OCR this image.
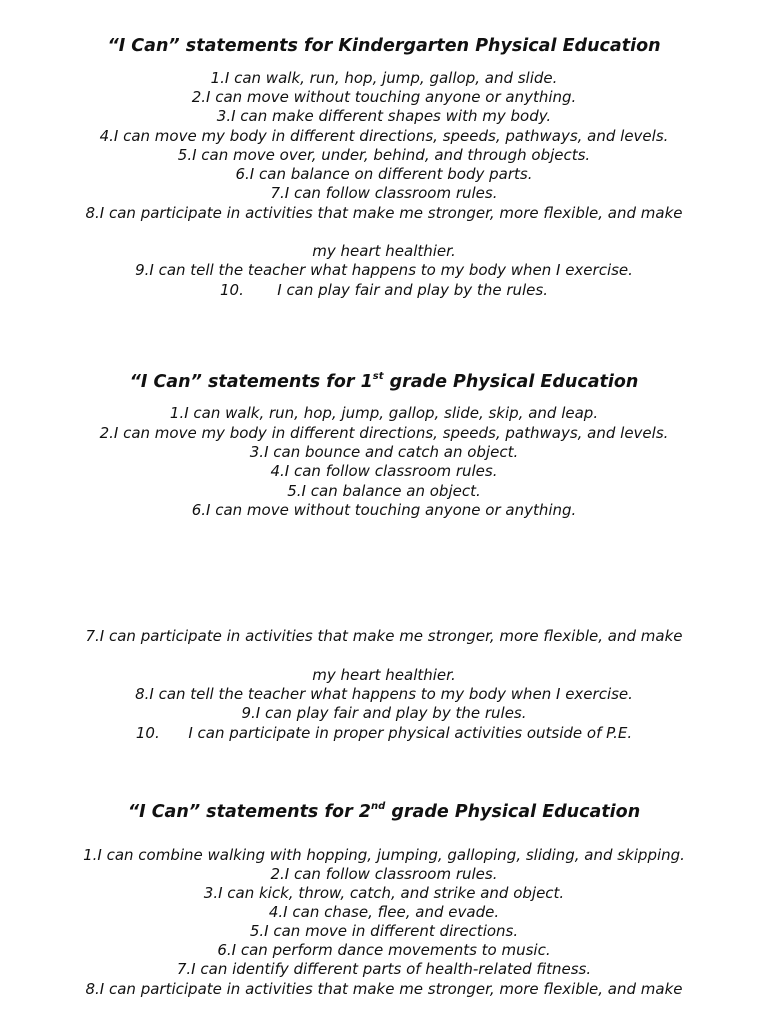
“I Can” statements for Kindergarten Physical Education
1.I can walk, run, hop, jump, gallop, and slide.
2.I can move without touching anyone or anything.
3.I can make different shapes with my body.
4.I can move my body in different directions, speeds, pathways, and levels.
5.I can move over, under, behind, and through objects.
6.I can balance on different body parts.
7.I can follow classroom rules.
8.I can participate in activities that make me stronger, more flexible, and make
my heart healthier.
9.I can tell the teacher what happens to my body when I exercise.
10.       I can play fair and play by the rules.
“I Can” statements for 1st grade Physical Education
1.I can walk, run, hop, jump, gallop, slide, skip, and leap.
2.I can move my body in different directions, speeds, pathways, and levels.
3.I can bounce and catch an object.
4.I can follow classroom rules.
5.I can balance an object.
6.I can move without touching anyone or anything.
7.I can participate in activities that make me stronger, more flexible, and make
my heart healthier.
8.I can tell the teacher what happens to my body when I exercise.
9.I can play fair and play by the rules.
10.      I can participate in proper physical activities outside of P.E.
“I Can” statements for 2nd grade Physical Education
1.I can combine walking with hopping, jumping, galloping, sliding, and skipping.
2.I can follow classroom rules.
3.I can kick, throw, catch, and strike and object.
4.I can chase, flee, and evade.
5.I can move in different directions.
6.I can perform dance movements to music.
7.I can identify different parts of health-related fitness.
8.I can participate in activities that make me stronger, more flexible, and make
